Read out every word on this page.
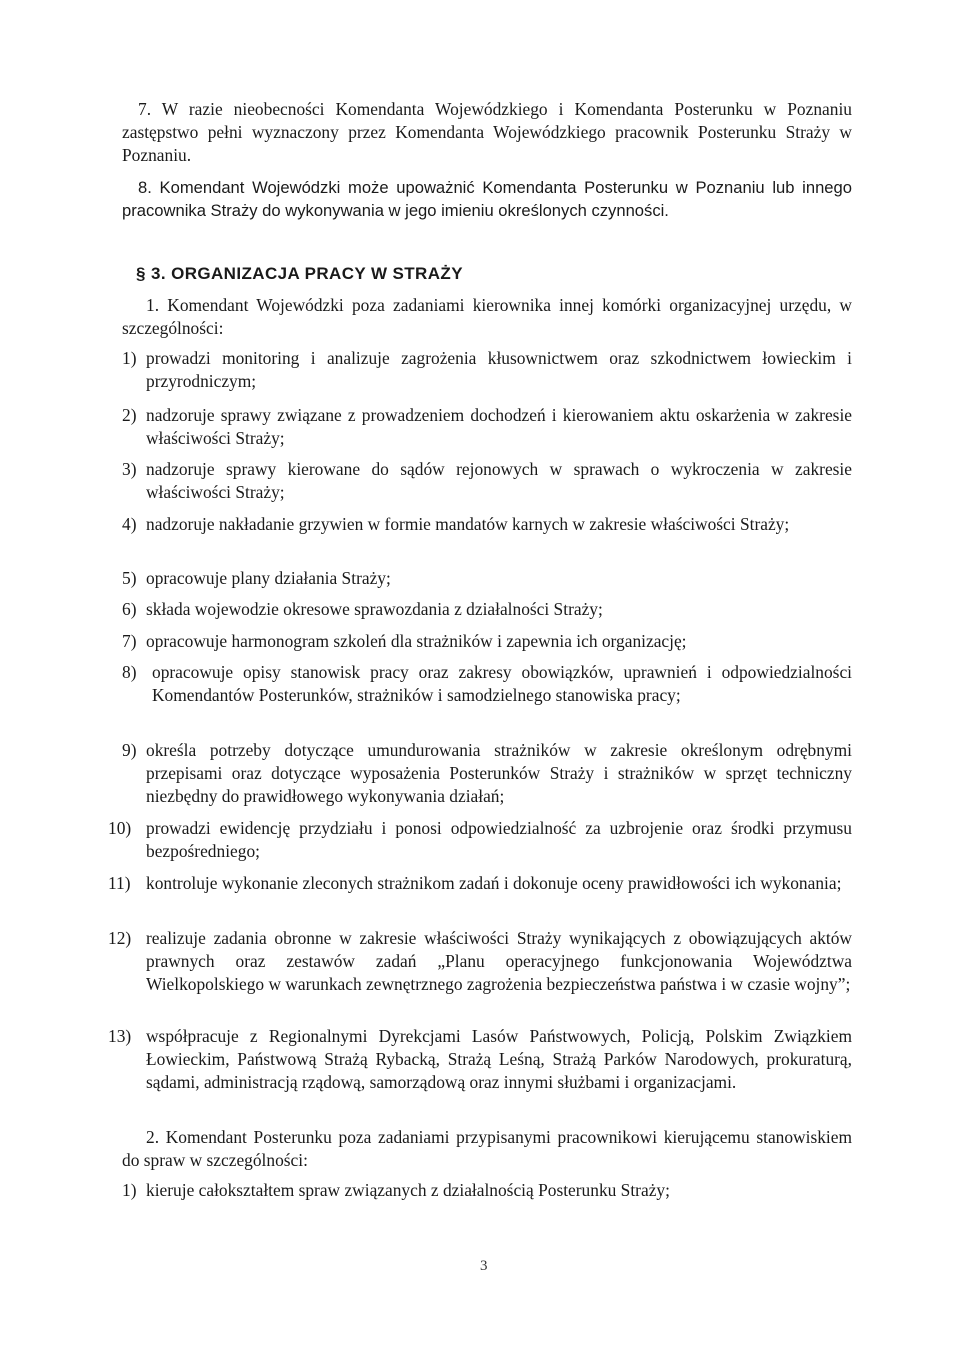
7. W razie nieobecności Komendanta Wojewódzkiego i Komendanta Posterunku w Poznaniu zastępstwo pełni wyznaczony przez Komendanta Wojewódzkiego pracownik Posterunku Straży w Poznaniu.
8. Komendant Wojewódzki może upoważnić Komendanta Posterunku w Poznaniu lub innego pracownika Straży do wykonywania w jego imieniu określonych czynności.
§ 3. ORGANIZACJA PRACY W STRAŻY
1. Komendant Wojewódzki poza zadaniami kierownika innej komórki organizacyjnej urzędu, w szczególności:
1) prowadzi monitoring i analizuje zagrożenia kłusownictwem oraz szkodnictwem łowieckim i przyrodniczym;
2) nadzoruje sprawy związane z prowadzeniem dochodzeń i kierowaniem aktu oskarżenia w zakresie właściwości Straży;
3) nadzoruje sprawy kierowane do sądów rejonowych w sprawach o wykroczenia w zakresie właściwości Straży;
4) nadzoruje nakładanie grzywien w formie mandatów karnych w zakresie właściwości Straży;
5) opracowuje plany działania Straży;
6) składa wojewodzie okresowe sprawozdania z działalności Straży;
7) opracowuje harmonogram szkoleń dla strażników i zapewnia ich organizację;
8) opracowuje opisy stanowisk pracy oraz zakresy obowiązków, uprawnień i odpowiedzialności Komendantów Posterunków, strażników i samodzielnego stanowiska pracy;
9) określa potrzeby dotyczące umundurowania strażników w zakresie określonym odrębnymi przepisami oraz dotyczące wyposażenia Posterunków Straży i strażników w sprzęt techniczny niezbędny do prawidłowego wykonywania działań;
10) prowadzi ewidencję przydziału i ponosi odpowiedzialność za uzbrojenie oraz środki przymusu bezpośredniego;
11) kontroluje wykonanie zleconych strażnikom zadań i dokonuje oceny prawidłowości ich wykonania;
12) realizuje zadania obronne w zakresie właściwości Straży wynikających z obowiązujących aktów prawnych oraz zestawów zadań „Planu operacyjnego funkcjonowania Województwa Wielkopolskiego w warunkach zewnętrznego zagrożenia bezpieczeństwa państwa i w czasie wojny”;
13) współpracuje z Regionalnymi Dyrekcjami Lasów Państwowych, Policją, Polskim Związkiem Łowieckim, Państwową Strażą Rybacką, Strażą Leśną, Strażą Parków Narodowych, prokuraturą, sądami, administracją rządową, samorządową oraz innymi służbami i organizacjami.
2. Komendant Posterunku poza zadaniami przypisanymi pracownikowi kierującemu stanowiskiem do spraw w szczególności:
1) kieruje całokształtem spraw związanych z działalnością Posterunku Straży;
3
